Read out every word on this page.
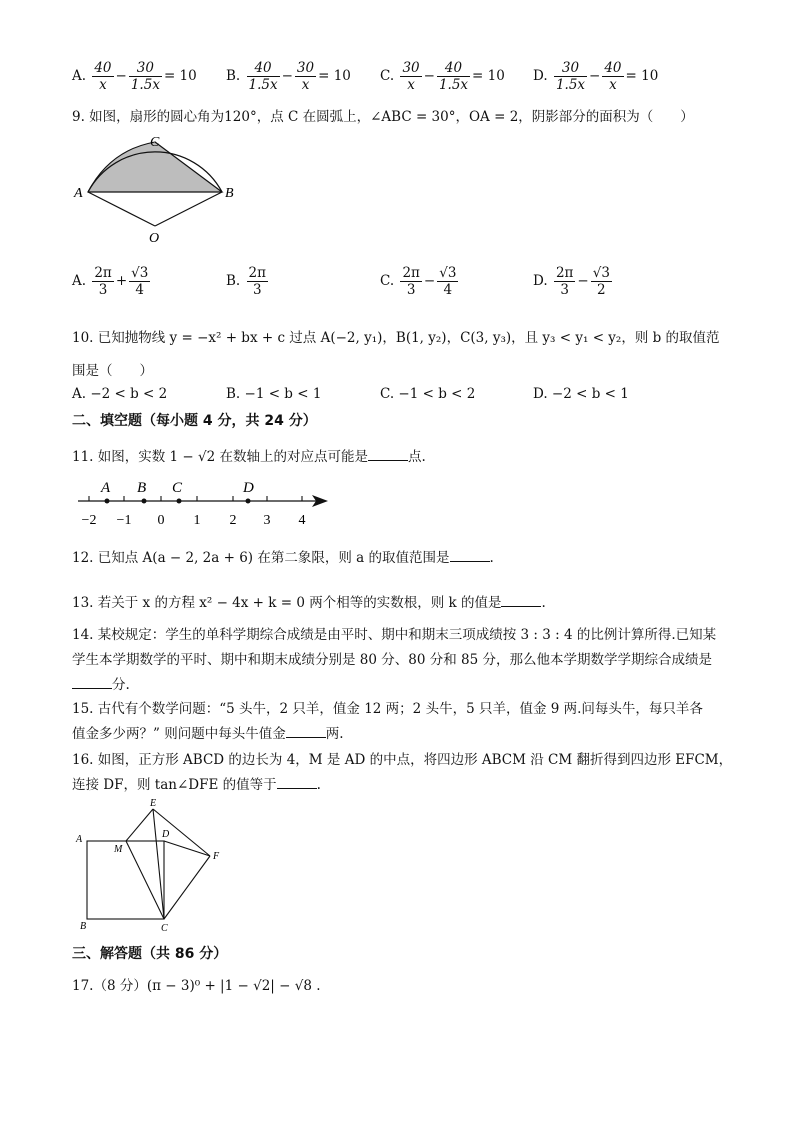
A. $\frac{40}{x} - \frac{30}{1.5x} = 10$ B. $\frac{40}{1.5x} - \frac{30}{x} = 10$ C. $\frac{30}{x} - \frac{40}{1.5x} = 10$ D. $\frac{30}{1.5x} - \frac{40}{x} = 10$
9. 如图，扇形的圆心角为120°，点 C 在圆弧上，∠ABC = 30°，OA = 2，阴影部分的面积为（　　）
C
A	B
O
A. $\frac{2\pi}{3} + \frac{√3}{4}$	B. $\frac{2\pi}{3}$	C. $\frac{2\pi}{3} - \frac{√3}{4}$	D. $\frac{2\pi}{3} - \frac{√3}{2}$
10. 已知抛物线 y = −x² + bx + c 过点 A(−2, y₁)，B(1, y₂)，C(3, y₃)，且 y₃ < y₁ < y₂，则 b 的取值范
围是（　　）
A. −2 < b < 2	B. −1 < b < 1	C. −1 < b < 2	D. −2 < b < 1
二、填空题（每小题 4 分，共 24 分）
11. 如图，实数 1 − √2 在数轴上的对应点可能是	点.
A B C	D
−2 −1 0 1 2 3 4
12. 已知点 A(a − 2, 2a + 6) 在第二象限，则 a 的取值范围是	.
13. 若关于 x 的方程 x² − 4x + k = 0 两个相等的实数根，则 k 的值是	.
14. 某校规定：学生的单科学期综合成绩是由平时、期中和期末三项成绩按 3 : 3 : 4 的比例计算所得.已知某
学生本学期数学的平时、期中和期末成绩分别是 80 分、80 分和 85 分，那么他本学期数学学期综合成绩是
分.
15. 古代有个数学问题：“5 头牛，2 只羊，值金 12 两；2 头牛，5 只羊，值金 9 两.问每头牛，每只羊各
值金多少两？” 则问题中每头牛值金	两.
16. 如图，正方形 ABCD 的边长为 4，M 是 AD 的中点，将四边形 ABCM 沿 CM 翻折得到四边形 EFCM，
连接 DF，则 tan∠DFE 的值等于	.
A
B	C
D
E
F
M
三、解答题（共 86 分）
17.（8 分）(π − 3)⁰ + |1 − √2| − √8 .
